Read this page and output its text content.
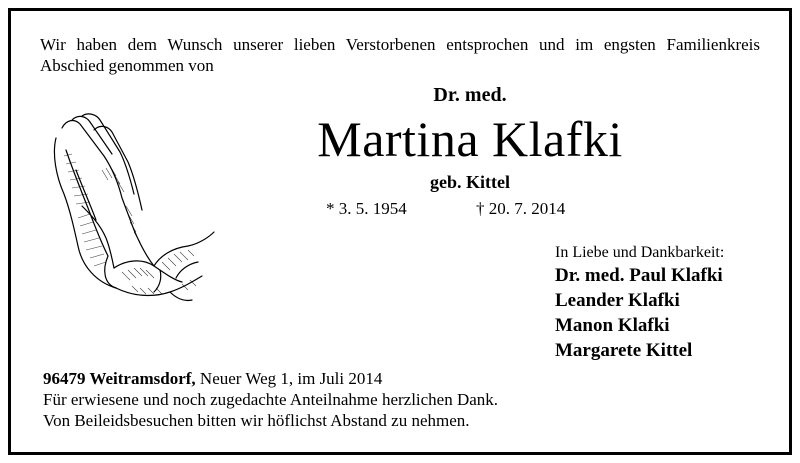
Wir haben dem Wunsch unserer lieben Verstorbenen entsprochen und im engsten Familienkreis
Abschied genommen von
Dr. med.
Martina Klafki
geb. Kittel
* 3. 5. 1954	† 20. 7. 2014
In Liebe und Dankbarkeit:
Dr. med. Paul Klafki
Leander Klafki
Manon Klafki
Margarete Kittel
96479 Weitramsdorf, Neuer Weg 1, im Juli 2014
Für erwiesene und noch zugedachte Anteilnahme herzlichen Dank.
Von Beileidsbesuchen bitten wir höflichst Abstand zu nehmen.
